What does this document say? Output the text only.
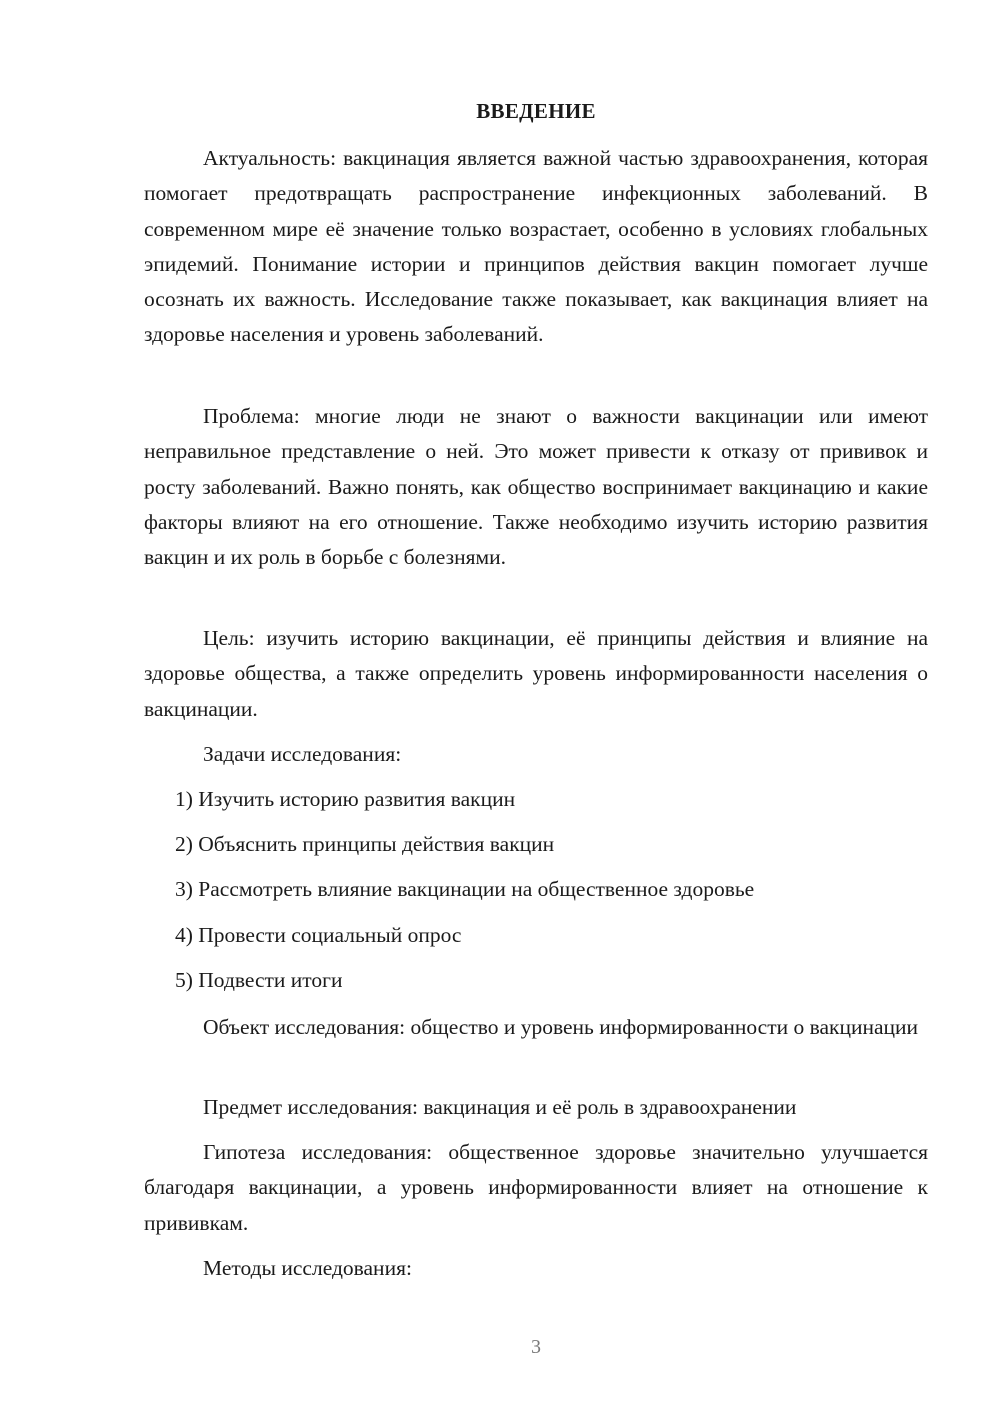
ВВЕДЕНИЕ
Актуальность: вакцинация является важной частью здравоохранения, которая помогает предотвращать распространение инфекционных заболеваний. В современном мире её значение только возрастает, особенно в условиях глобальных эпидемий. Понимание истории и принципов действия вакцин помогает лучше осознать их важность. Исследование также показывает, как вакцинация влияет на здоровье населения и уровень заболеваний.
Проблема: многие люди не знают о важности вакцинации или имеют неправильное представление о ней. Это может привести к отказу от прививок и росту заболеваний. Важно понять, как общество воспринимает вакцинацию и какие факторы влияют на его отношение. Также необходимо изучить историю развития вакцин и их роль в борьбе с болезнями.
Цель: изучить историю вакцинации, её принципы действия и влияние на здоровье общества, а также определить уровень информированности населения о вакцинации.
Задачи исследования:
1) Изучить историю развития вакцин
2) Объяснить принципы действия вакцин
3) Рассмотреть влияние вакцинации на общественное здоровье
4) Провести социальный опрос
5) Подвести итоги
Объект исследования: общество и уровень информированности о вакцинации
Предмет исследования: вакцинация и её роль в здравоохранении
Гипотеза исследования: общественное здоровье значительно улучшается благодаря вакцинации, а уровень информированности влияет на отношение к прививкам.
Методы исследования:
3
